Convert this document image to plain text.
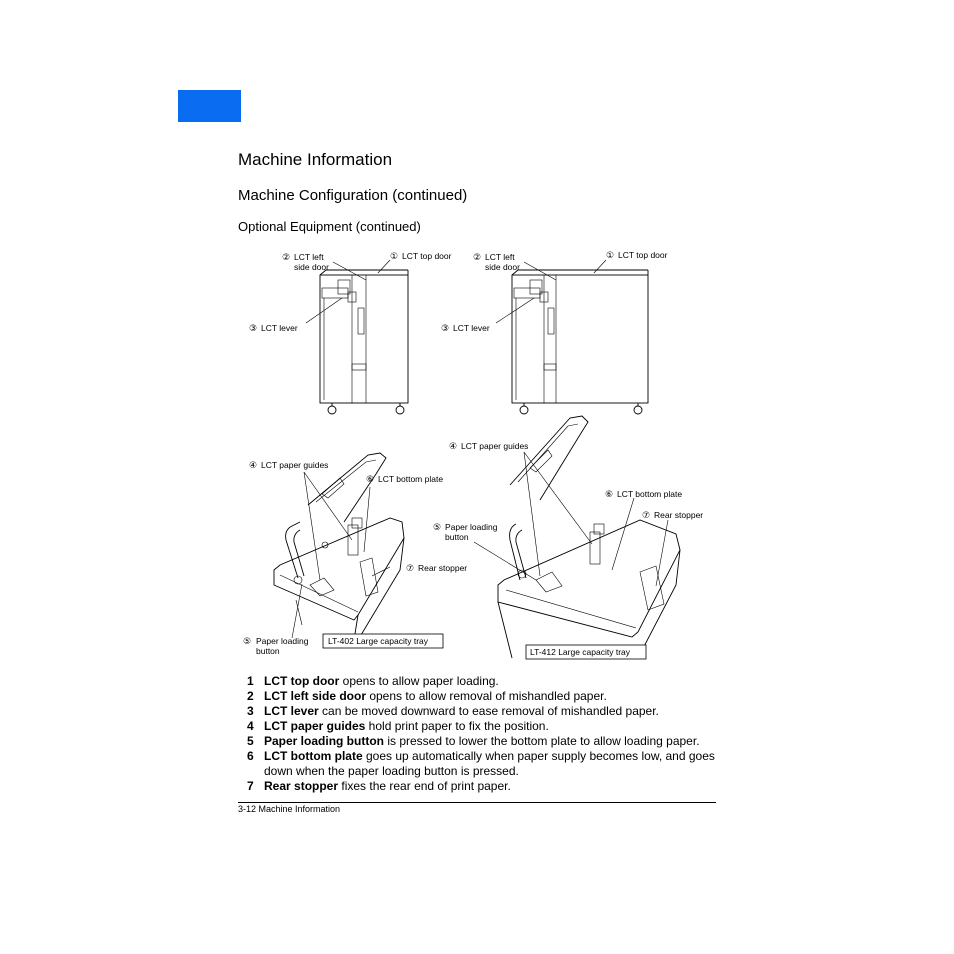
Machine Information
Machine Configuration (continued)
Optional Equipment (continued)
② LCT left
side door
① LCT top door
③ LCT lever
② LCT left
side door
① LCT top door
③ LCT lever
④ LCT paper guides
⑥ LCT bottom plate
⑦ Rear stopper
⑤ Paper loading
button
LT-402 Large capacity tray
④ LCT paper guides
⑥ LCT bottom plate
⑦ Rear stopper
⑤ Paper loading
button
LT-412 Large capacity tray
1 LCT top door opens to allow paper loading.
2 LCT left side door opens to allow removal of mishandled paper.
3 LCT lever can be moved downward to ease removal of mishandled paper.
4 LCT paper guides hold print paper to fix the position.
5 Paper loading button is pressed to lower the bottom plate to allow loading paper.
6 LCT bottom plate goes up automatically when paper supply becomes low, and goes down when the paper loading button is pressed.
7 Rear stopper fixes the rear end of print paper.
3-12 Machine Information
